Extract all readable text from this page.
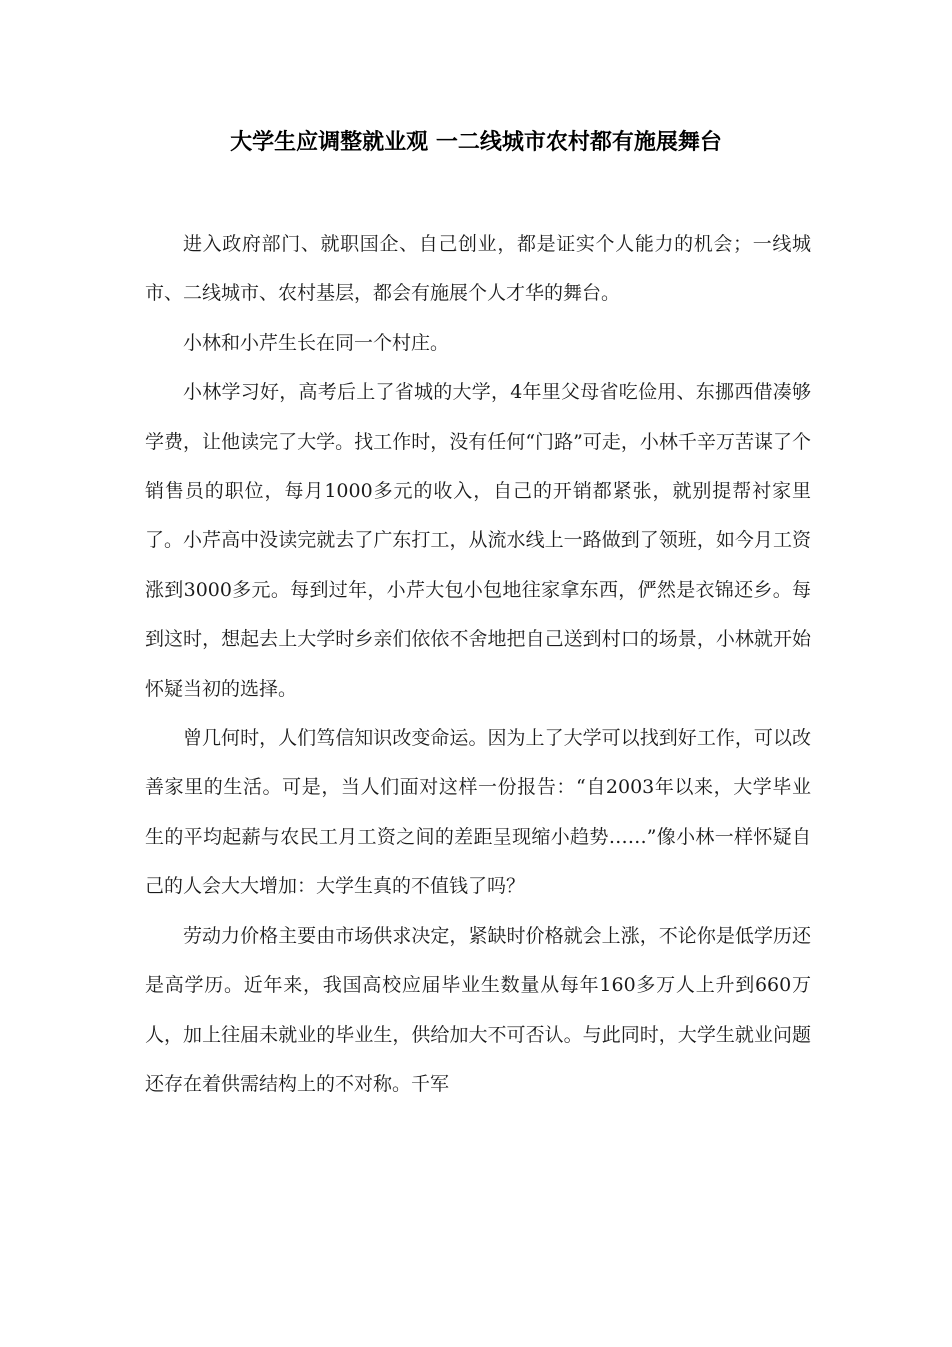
大学生应调整就业观 一二线城市农村都有施展舞台

进入政府部门、就职国企、自己创业，都是证实个人能力的机会；一线城市、二线城市、农村基层，都会有施展个人才华的舞台。

小林和小芹生长在同一个村庄。

小林学习好，高考后上了省城的大学，4年里父母省吃俭用、东挪西借凑够学费，让他读完了大学。找工作时，没有任何“门路”可走，小林千辛万苦谋了个销售员的职位，每月1000多元的收入，自己的开销都紧张，就别提帮衬家里了。小芹高中没读完就去了广东打工，从流水线上一路做到了领班，如今月工资涨到3000多元。每到过年，小芹大包小包地往家拿东西，俨然是衣锦还乡。每到这时，想起去上大学时乡亲们依依不舍地把自己送到村口的场景，小林就开始怀疑当初的选择。

曾几何时，人们笃信知识改变命运。因为上了大学可以找到好工作，可以改善家里的生活。可是，当人们面对这样一份报告：“自2003年以来，大学毕业生的平均起薪与农民工月工资之间的差距呈现缩小趋势……”像小林一样怀疑自己的人会大大增加：大学生真的不值钱了吗？

劳动力价格主要由市场供求决定，紧缺时价格就会上涨，不论你是低学历还是高学历。近年来，我国高校应届毕业生数量从每年160多万人上升到660万人，加上往届未就业的毕业生，供给加大不可否认。与此同时，大学生就业问题还存在着供需结构上的不对称。千军
